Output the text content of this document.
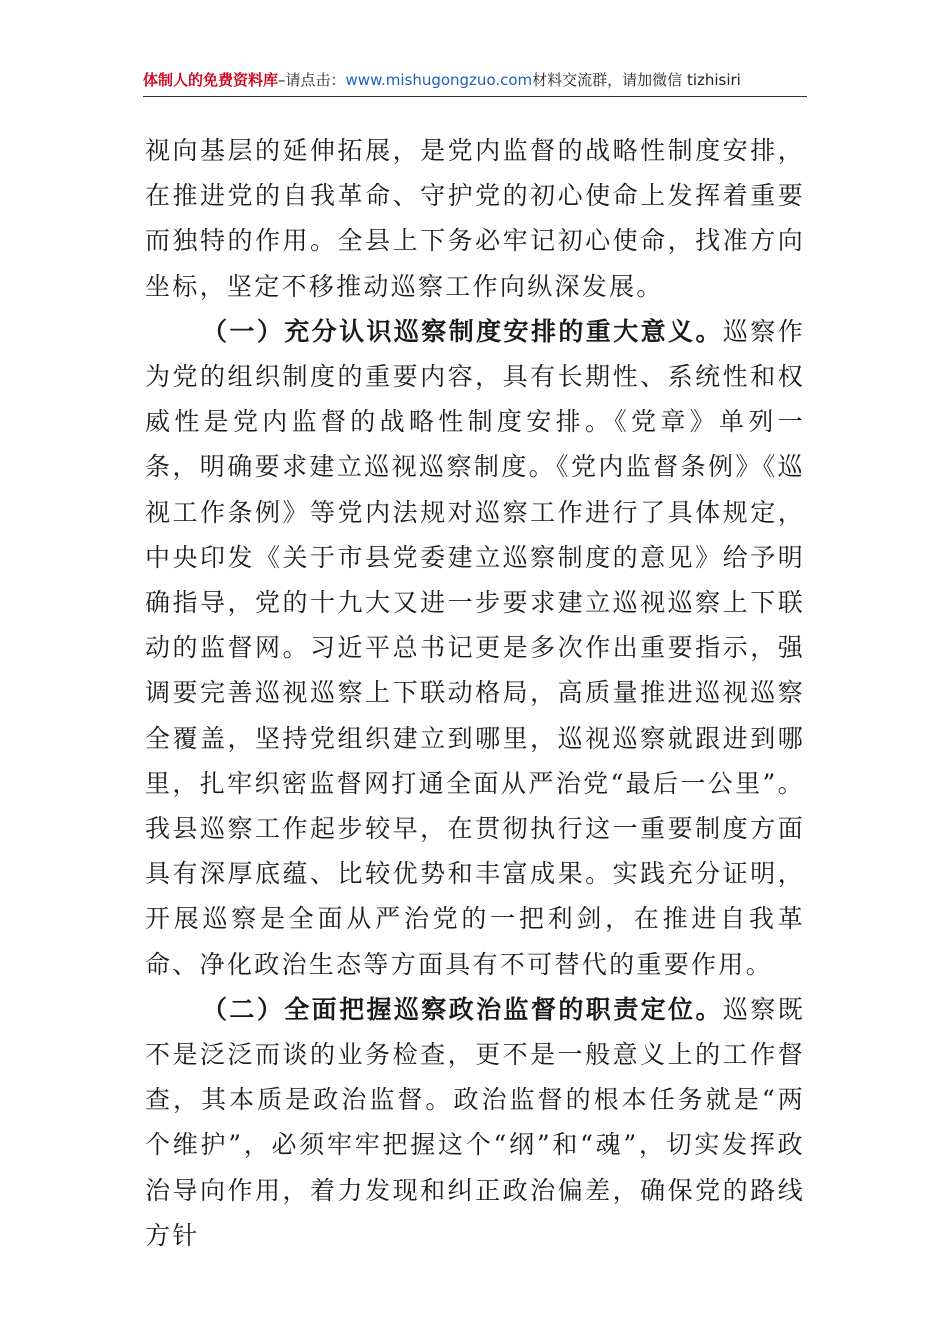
体制人的免费资料库–请点击：www.mishugongzuo.com材料交流群，请加微信 tizhisiri

视向基层的延伸拓展，是党内监督的战略性制度安排，在推进党的自我革命、守护党的初心使命上发挥着重要而独特的作用。全县上下务必牢记初心使命，找准方向坐标，坚定不移推动巡察工作向纵深发展。

（一）充分认识巡察制度安排的重大意义。巡察作为党的组织制度的重要内容，具有长期性、系统性和权威性是党内监督的战略性制度安排。《党章》单列一条，明确要求建立巡视巡察制度。《党内监督条例》《巡视工作条例》等党内法规对巡察工作进行了具体规定，中央印发《关于市县党委建立巡察制度的意见》给予明确指导，党的十九大又进一步要求建立巡视巡察上下联动的监督网。习近平总书记更是多次作出重要指示，强调要完善巡视巡察上下联动格局，高质量推进巡视巡察全覆盖，坚持党组织建立到哪里，巡视巡察就跟进到哪里，扎牢织密监督网打通全面从严治党“最后一公里”。我县巡察工作起步较早，在贯彻执行这一重要制度方面具有深厚底蕴、比较优势和丰富成果。实践充分证明，开展巡察是全面从严治党的一把利剑，在推进自我革命、净化政治生态等方面具有不可替代的重要作用。

（二）全面把握巡察政治监督的职责定位。巡察既不是泛泛而谈的业务检查，更不是一般意义上的工作督查，其本质是政治监督。政治监督的根本任务就是“两个维护”，必须牢牢把握这个“纲”和“魂”，切实发挥政治导向作用，着力发现和纠正政治偏差，确保党的路线方针
